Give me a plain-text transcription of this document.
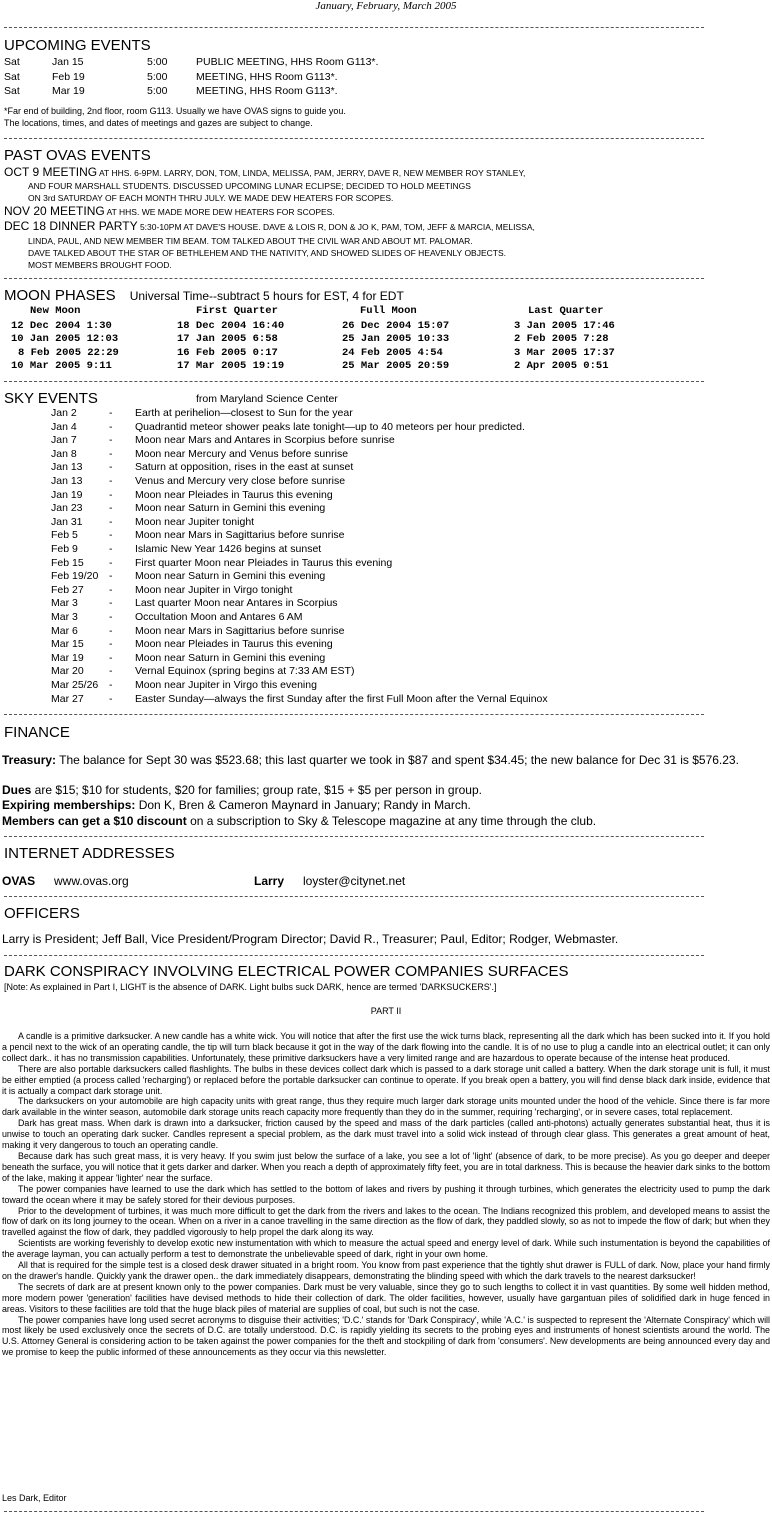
January, February, March 2005
UPCOMING EVENTS
Sat	Jan 15	5:00	PUBLIC MEETING, HHS Room G113*.
Sat	Feb 19	5:00	MEETING, HHS Room G113*.
Sat	Mar 19	5:00	MEETING, HHS Room G113*.
*Far end of building, 2nd floor, room G113. Usually we have OVAS signs to guide you.
The locations, times, and dates of meetings and gazes are subject to change.
PAST OVAS EVENTS
OCT 9 MEETING AT HHS. 6-9PM. LARRY, DON, TOM, LINDA, MELISSA, PAM, JERRY, DAVE R, NEW MEMBER ROY STANLEY,
AND FOUR MARSHALL STUDENTS. DISCUSSED UPCOMING LUNAR ECLIPSE; DECIDED TO HOLD MEETINGS
ON 3rd SATURDAY OF EACH MONTH THRU JULY. WE MADE DEW HEATERS FOR SCOPES.
NOV 20 MEETING AT HHS. WE MADE MORE DEW HEATERS FOR SCOPES.
DEC 18 DINNER PARTY 5:30-10PM AT DAVE'S HOUSE. DAVE & LOIS R, DON & JO K, PAM, TOM, JEFF & MARCIA, MELISSA,
LINDA, PAUL, AND NEW MEMBER TIM BEAM. TOM TALKED ABOUT THE CIVIL WAR AND ABOUT MT. PALOMAR.
DAVE TALKED ABOUT THE STAR OF BETHLEHEM AND THE NATIVITY, AND SHOWED SLIDES OF HEAVENLY OBJECTS.
MOST MEMBERS BROUGHT FOOD.
MOON PHASES Universal Time--subtract 5 hours for EST, 4 for EDT
New Moon	First Quarter	Full Moon	Last Quarter
12 Dec 2004 1:30	18 Dec 2004 16:40	26 Dec 2004 15:07	3 Jan 2005 17:46
10 Jan 2005 12:03	17 Jan 2005 6:58	25 Jan 2005 10:33	2 Feb 2005 7:28
8 Feb 2005 22:29	16 Feb 2005 0:17	24 Feb 2005 4:54	3 Mar 2005 17:37
10 Mar 2005 9:11	17 Mar 2005 19:19	25 Mar 2005 20:59	2 Apr 2005 0:51
SKY EVENTS	from Maryland Science Center
Jan 2	- Earth at perihelion—closest to Sun for the year
Jan 4	- Quadrantid meteor shower peaks late tonight—up to 40 meteors per hour predicted.
Jan 7	- Moon near Mars and Antares in Scorpius before sunrise
Jan 8	- Moon near Mercury and Venus before sunrise
Jan 13	- Saturn at opposition, rises in the east at sunset
Jan 13	- Venus and Mercury very close before sunrise
Jan 19	- Moon near Pleiades in Taurus this evening
Jan 23	- Moon near Saturn in Gemini this evening
Jan 31	- Moon near Jupiter tonight
Feb 5	- Moon near Mars in Sagittarius before sunrise
Feb 9	- Islamic New Year 1426 begins at sunset
Feb 15 - First quarter Moon near Pleiades in Taurus this evening
Feb 19/20 - Moon near Saturn in Gemini this evening
Feb 27 - Moon near Jupiter in Virgo tonight
Mar 3	- Last quarter Moon near Antares in Scorpius
Mar 3	- Occultation Moon and Antares 6 AM
Mar 6	- Moon near Mars in Sagittarius before sunrise
Mar 15 - Moon near Pleiades in Taurus this evening
Mar 19 - Moon near Saturn in Gemini this evening
Mar 20 - Vernal Equinox (spring begins at 7:33 AM EST)
Mar 25/26 - Moon near Jupiter in Virgo this evening
Mar 27 - Easter Sunday—always the first Sunday after the first Full Moon after the Vernal Equinox
FINANCE
Treasury: The balance for Sept 30 was $523.68; this last quarter we took in $87 and spent $34.45; the new balance for Dec 31 is $576.23.
Dues are $15; $10 for students, $20 for families; group rate, $15 + $5 per person in group.
Expiring memberships: Don K, Bren & Cameron Maynard in January; Randy in March.
Members can get a $10 discount on a subscription to Sky & Telescope magazine at any time through the club.
INTERNET ADDRESSES
OVAS	www.ovas.org	Larry	loyster@citynet.net
OFFICERS
Larry is President; Jeff Ball, Vice President/Program Director; David R., Treasurer; Paul, Editor; Rodger, Webmaster.
DARK CONSPIRACY INVOLVING ELECTRICAL POWER COMPANIES SURFACES
[Note: As explained in Part I, LIGHT is the absence of DARK. Light bulbs suck DARK, hence are termed 'DARKSUCKERS'.]
PART II
A candle is a primitive darksucker. A new candle has a white wick. You will notice that after the first use the wick turns black, representing all the dark which has been sucked into it. If you hold a pencil next to the wick of an operating candle, the tip will turn black because it got in the way of the dark flowing into the candle. It is of no use to plug a candle into an electrical outlet; it can only collect dark.. it has no transmission capabilities. Unfortunately, these primitive darksuckers have a very limited range and are hazardous to operate because of the intense heat produced.
There are also portable darksuckers called flashlights. The bulbs in these devices collect dark which is passed to a dark storage unit called a battery. When the dark storage unit is full, it must be either emptied (a process called 'recharging') or replaced before the portable darksucker can continue to operate. If you break open a battery, you will find dense black dark inside, evidence that it is actually a compact dark storage unit.
The darksuckers on your automobile are high capacity units with great range, thus they require much larger dark storage units mounted under the hood of the vehicle. Since there is far more dark available in the winter season, automobile dark storage units reach capacity more frequently than they do in the summer, requiring 'recharging', or in severe cases, total replacement.
Dark has great mass. When dark is drawn into a darksucker, friction caused by the speed and mass of the dark particles (called anti-photons) actually generates substantial heat, thus it is unwise to touch an operating dark sucker. Candles represent a special problem, as the dark must travel into a solid wick instead of through clear glass. This generates a great amount of heat, making it very dangerous to touch an operating candle.
Because dark has such great mass, it is very heavy. If you swim just below the surface of a lake, you see a lot of 'light' (absence of dark, to be more precise). As you go deeper and deeper beneath the surface, you will notice that it gets darker and darker. When you reach a depth of approximately fifty feet, you are in total darkness. This is because the heavier dark sinks to the bottom of the lake, making it appear 'lighter' near the surface.
The power companies have learned to use the dark which has settled to the bottom of lakes and rivers by pushing it through turbines, which generates the electricity used to pump the dark toward the ocean where it may be safely stored for their devious purposes.
Prior to the development of turbines, it was much more difficult to get the dark from the rivers and lakes to the ocean. The Indians recognized this problem, and developed means to assist the flow of dark on its long journey to the ocean. When on a river in a canoe travelling in the same direction as the flow of dark, they paddled slowly, so as not to impede the flow of dark; but when they travelled against the flow of dark, they paddled vigorously to help propel the dark along its way.
Scientists are working feverishly to develop exotic new instumentation with which to measure the actual speed and energy level of dark. While such instumentation is beyond the capabilities of the average layman, you can actually perform a test to demonstrate the unbelievable speed of dark, right in your own home.
All that is required for the simple test is a closed desk drawer situated in a bright room. You know from past experience that the tightly shut drawer is FULL of dark. Now, place your hand firmly on the drawer's handle. Quickly yank the drawer open.. the dark immediately disappears, demonstrating the blinding speed with which the dark travels to the nearest darksucker!
The secrets of dark are at present known only to the power companies. Dark must be very valuable, since they go to such lengths to collect it in vast quantities. By some well hidden method, more modern power 'generation' facilities have devised methods to hide their collection of dark. The older facilities, however, usually have gargantuan piles of solidified dark in huge fenced in areas. Visitors to these facilities are told that the huge black piles of material are supplies of coal, but such is not the case.
The power companies have long used secret acronyms to disguise their activities; 'D.C.' stands for 'Dark Conspiracy', while 'A.C.' is suspected to represent the 'Alternate Conspiracy' which will most likely be used exclusively once the secrets of D.C. are totally understood. D.C. is rapidly yielding its secrets to the probing eyes and instruments of honest scientists around the world. The U.S. Attorney General is considering action to be taken against the power companies for the theft and stockpiling of dark from 'consumers'. New developments are being announced every day and we promise to keep the public informed of these announcements as they occur via this newsletter.
Les Dark, Editor
